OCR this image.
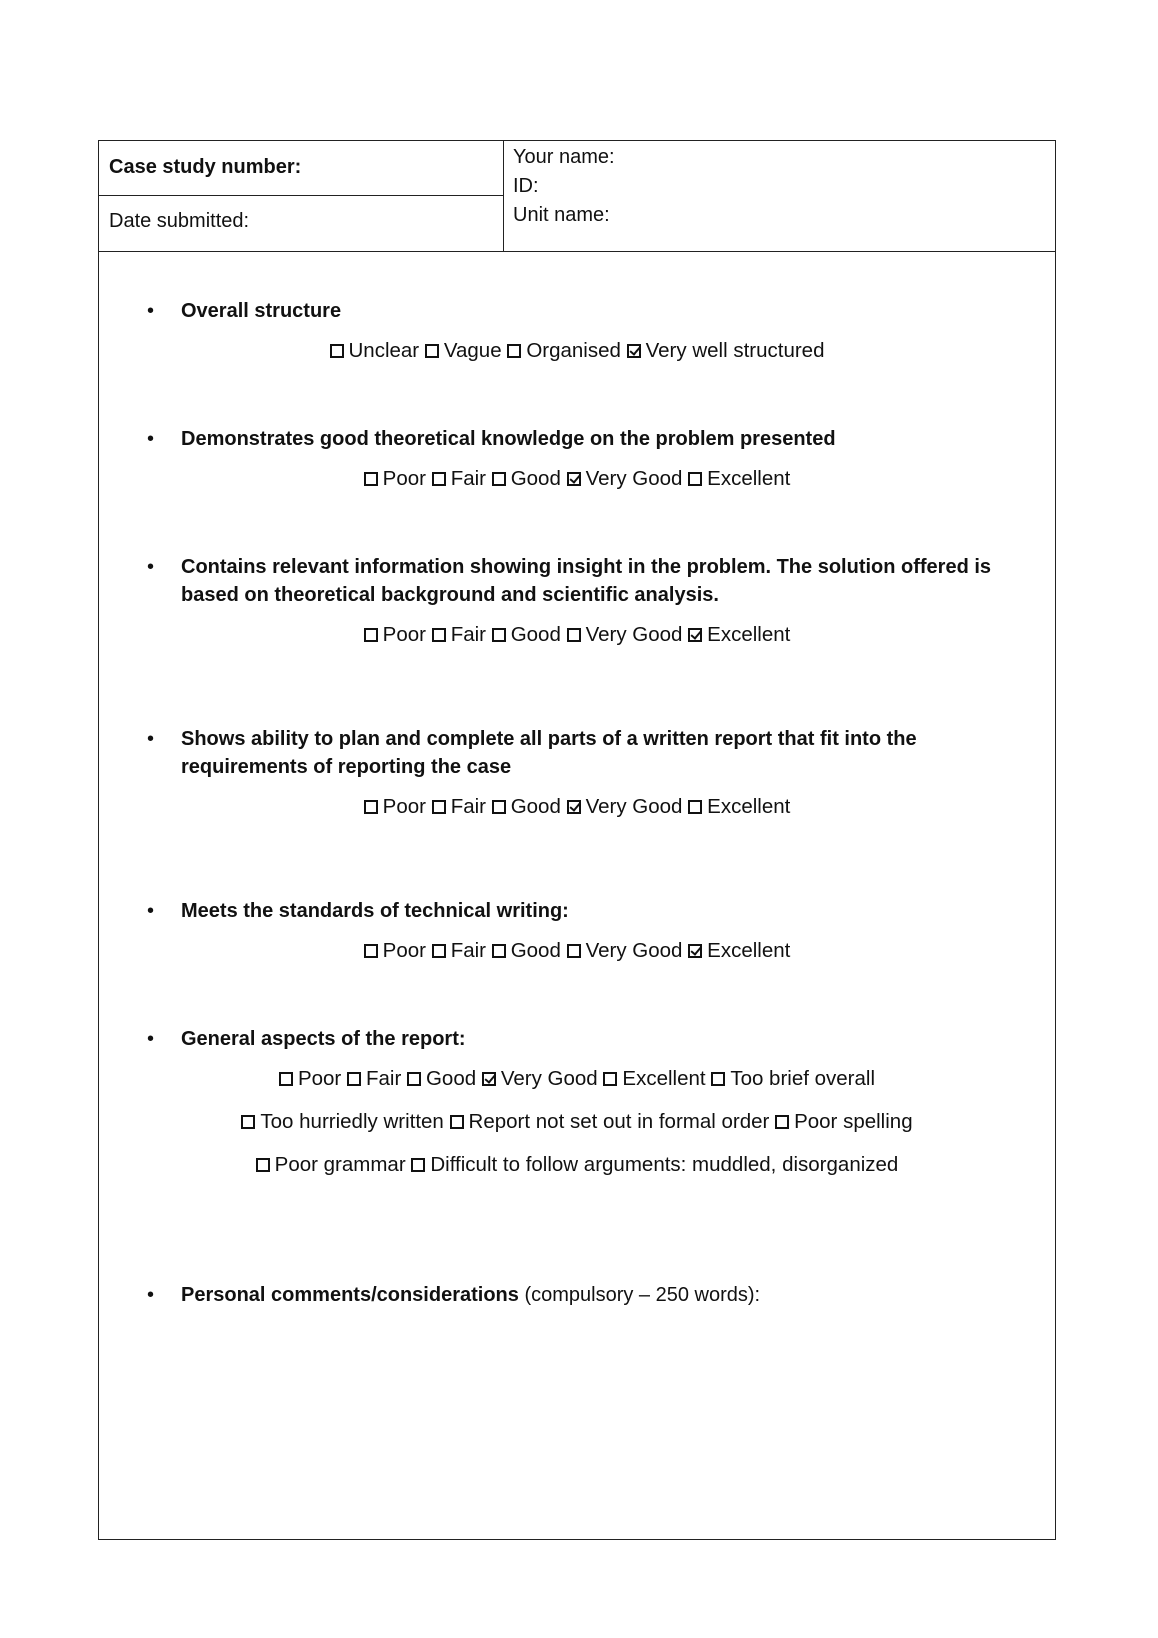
Case study number:
Date submitted:
Your name:
ID:
Unit name:
• Overall structure
Unclear Vague Organised Very well structured
• Demonstrates good theoretical knowledge on the problem presented
Poor Fair Good Very Good Excellent
• Contains relevant information showing insight in the problem. The solution offered is based on theoretical background and scientific analysis.
Poor Fair Good Very Good Excellent
• Shows ability to plan and complete all parts of a written report that fit into the requirements of reporting the case
Poor Fair Good Very Good Excellent
• Meets the standards of technical writing:
Poor Fair Good Very Good Excellent
• General aspects of the report:
Poor Fair Good Very Good Excellent Too brief overall
Too hurriedly written Report not set out in formal order Poor spelling
Poor grammar Difficult to follow arguments: muddled, disorganized
• Personal comments/considerations (compulsory – 250 words):
